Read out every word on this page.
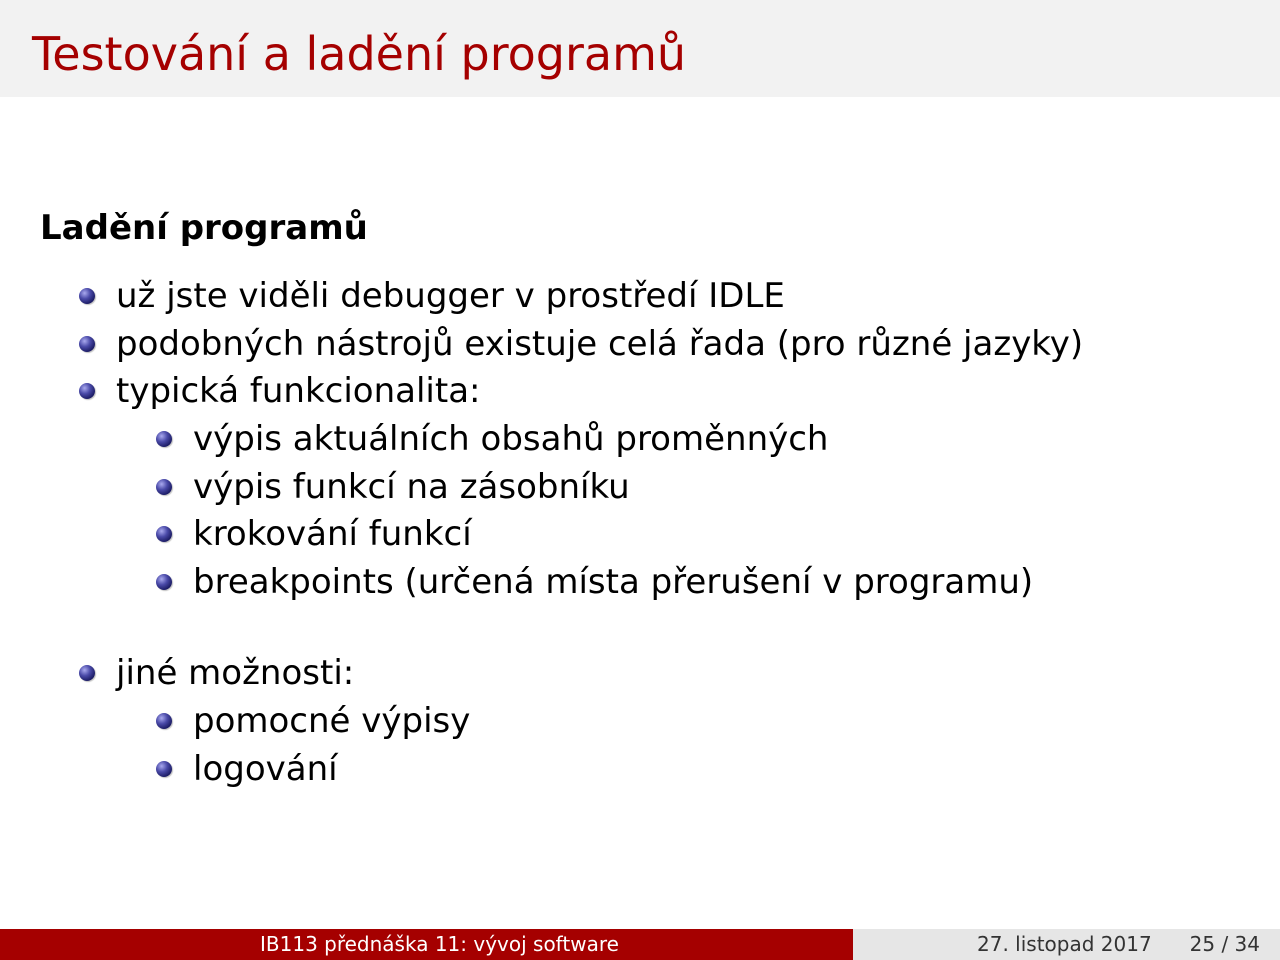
Testování a ladění programů
Ladění programů
už jste viděli debugger v prostředí IDLE
podobných nástrojů existuje celá řada (pro různé jazyky)
typická funkcionalita:
výpis aktuálních obsahů proměnných
výpis funkcí na zásobníku
krokování funkcí
breakpoints (určená místa přerušení v programu)
jiné možnosti:
pomocné výpisy
logování
IB113 přednáška 11: vývoj software	27. listopad 2017 25 / 34
